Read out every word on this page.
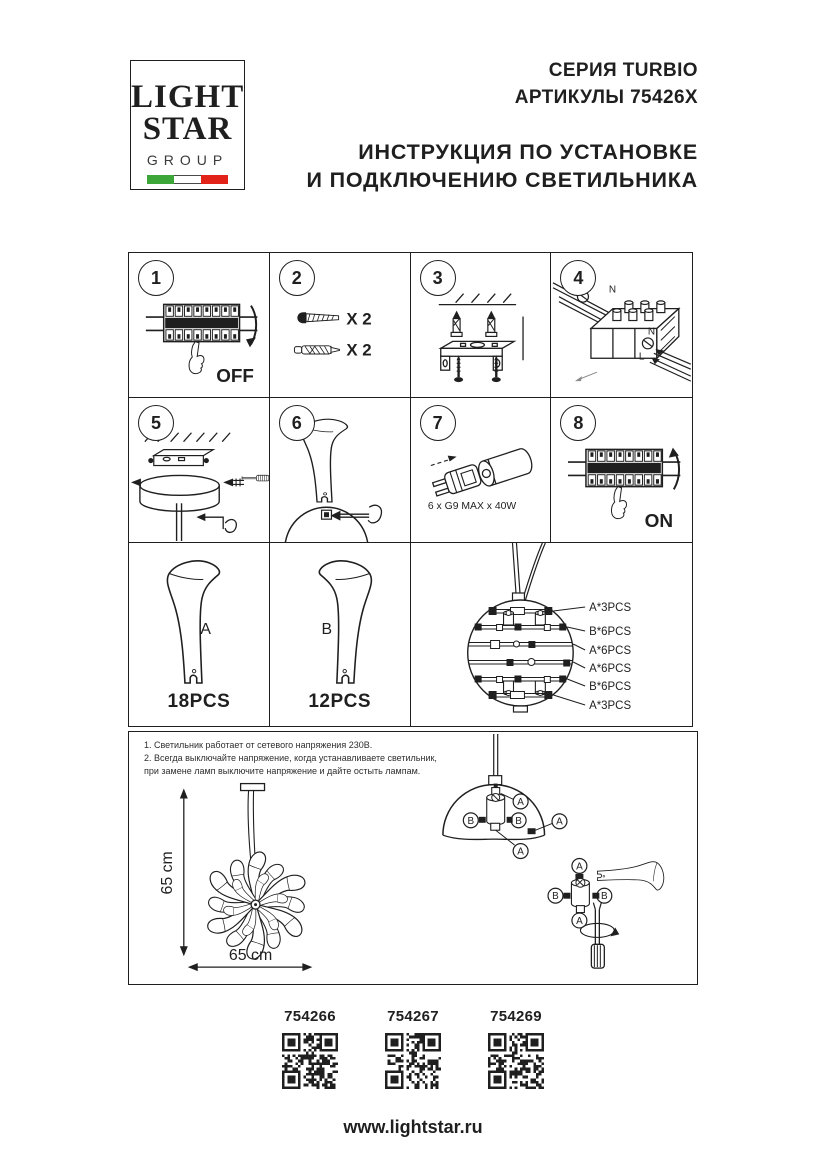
LIGHT
STAR
GROUP
СЕРИЯ TURBIO
АРТИКУЛЫ 75426X
ИНСТРУКЦИЯ ПО УСТАНОВКЕ
И ПОДКЛЮЧЕНИЮ СВЕТИЛЬНИКА
1
OFF
2
X 2
X 2
3	4
N
N
L
5	6	7
6 x G9 MAX x 40W
8
ON
A
18PCS
B
12PCS
A*3PCS
B*6PCS
A*6PCS
A*6PCS
B*6PCS
A*3PCS
1. Светильник работает от сетевого напряжения 230В.
2. Всегда выключайте напряжение, когда устанавливаете светильник,
при замене ламп выключите напряжение и дайте остыть лампам.
65 cm
65 cm
A
B	B	A
A
A
A
B	B
754266	754267	754269
www.lightstar.ru
